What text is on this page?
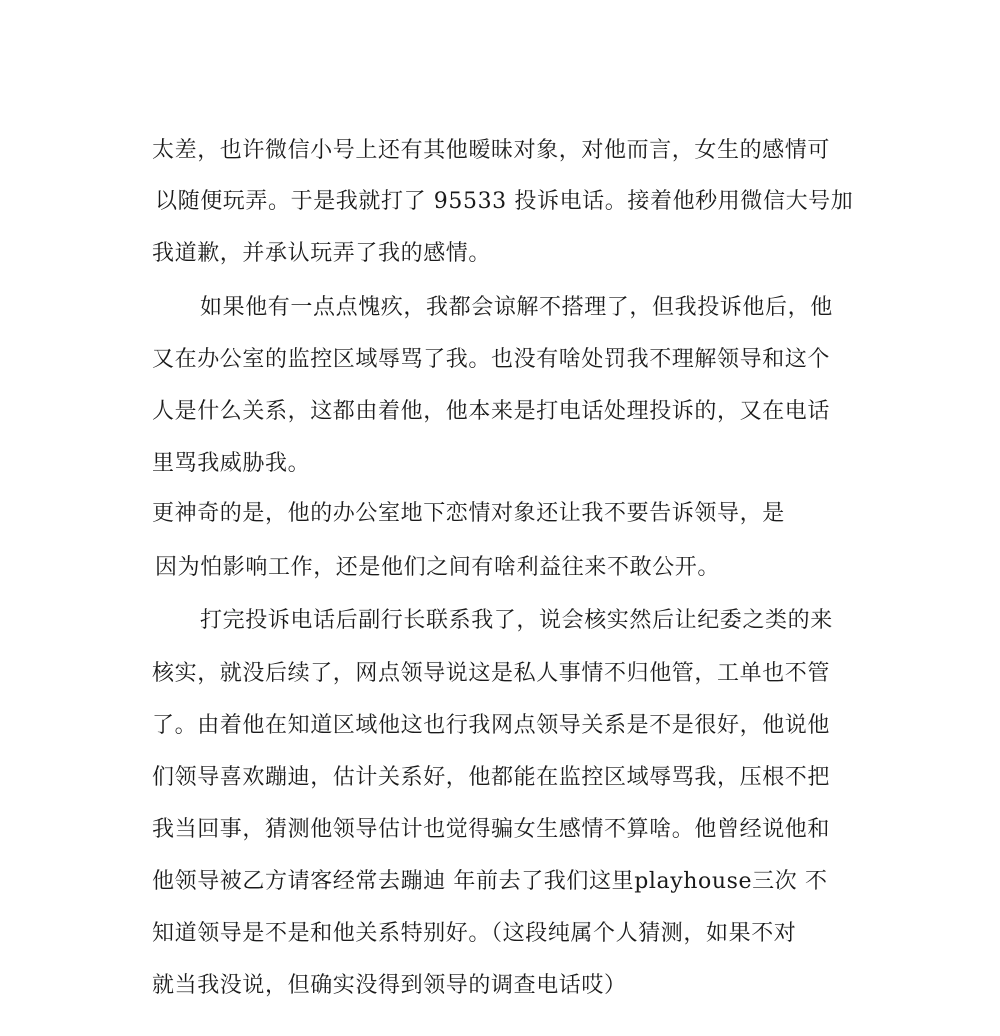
太差，也许微信小号上还有其他暧昧对象，对他而言，女生的感情可
以随便玩弄。于是我就打了 95533 投诉电话。接着他秒用微信大号加
我道歉，并承认玩弄了我的感情。
如果他有一点点愧疚，我都会谅解不搭理了，但我投诉他后，他
又在办公室的监控区域辱骂了我。也没有啥处罚我不理解领导和这个
人是什么关系，这都由着他，他本来是打电话处理投诉的，又在电话
里骂我威胁我。
更神奇的是，他的办公室地下恋情对象还让我不要告诉领导，是
因为怕影响工作，还是他们之间有啥利益往来不敢公开。
打完投诉电话后副行长联系我了，说会核实然后让纪委之类的来
核实，就没后续了，网点领导说这是私人事情不归他管，工单也不管
了。由着他在知道区域他这也行我网点领导关系是不是很好，他说他
们领导喜欢蹦迪，估计关系好，他都能在监控区域辱骂我，压根不把
我当回事，猜测他领导估计也觉得骗女生感情不算啥。他曾经说他和
他领导被乙方请客经常去蹦迪 年前去了我们这里playhouse三次 不
知道领导是不是和他关系特别好。（这段纯属个人猜测，如果不对
就当我没说，但确实没得到领导的调查电话哎）
